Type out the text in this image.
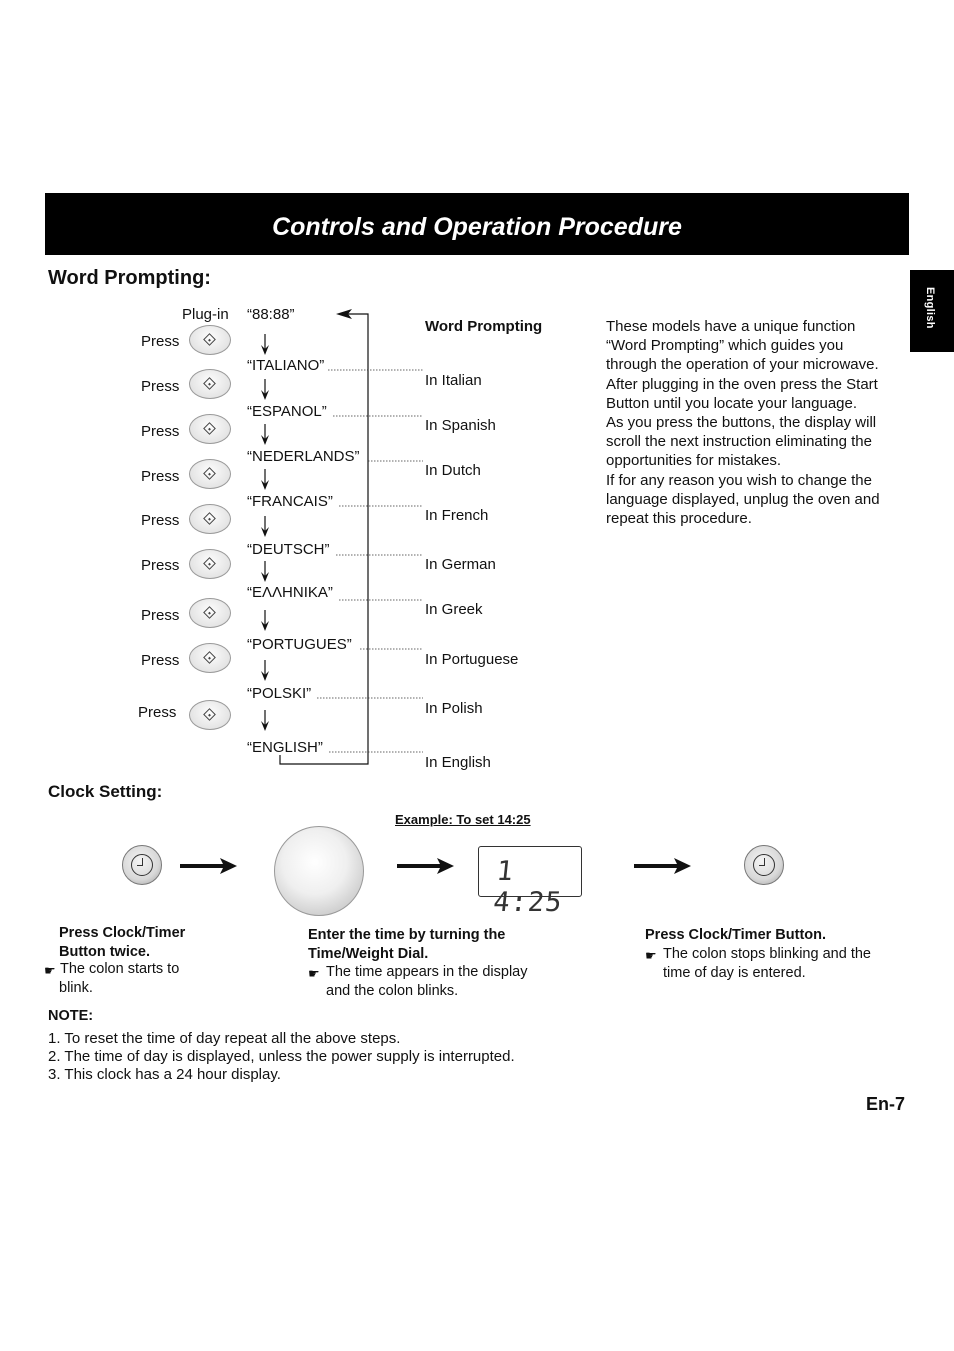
Controls and Operation Procedure
English
Word Prompting:
Plug-in “88:88”
Word Prompting
Press
“ITALIANO”
In Italian
Press
“ESPANOL”
In Spanish
Press
“NEDERLANDS”
In Dutch
Press
“FRANCAIS”
In French
Press
“DEUTSCH”
In German
Press
“ΕΛΛΗΝΙΚΑ”
In Greek
Press
“PORTUGUES”
In Portuguese
Press
“POLSKI”
In Polish
Press
“ENGLISH”
In English
These models have a unique function
“Word Prompting” which guides you
through the operation of your microwave.
After plugging in the oven press the Start
Button until you locate your language.
As you press the buttons, the display will
scroll the next instruction eliminating the
opportunities for mistakes.
If for any reason you wish to change the
language displayed, unplug the oven and
repeat this procedure.
Clock Setting:
Example: To set 14:25
1 4:25
Press Clock/Timer
Button twice.
☛ The colon starts to
blink.
Enter the time by turning the
Time/Weight Dial.
☛ The time appears in the display
and the colon blinks.
Press Clock/Timer Button.
☛ The colon stops blinking and the
time of day is entered.
NOTE:
1. To reset the time of day repeat all the above steps.
2. The time of day is displayed, unless the power supply is interrupted.
3. This clock has a 24 hour display.
En-7
